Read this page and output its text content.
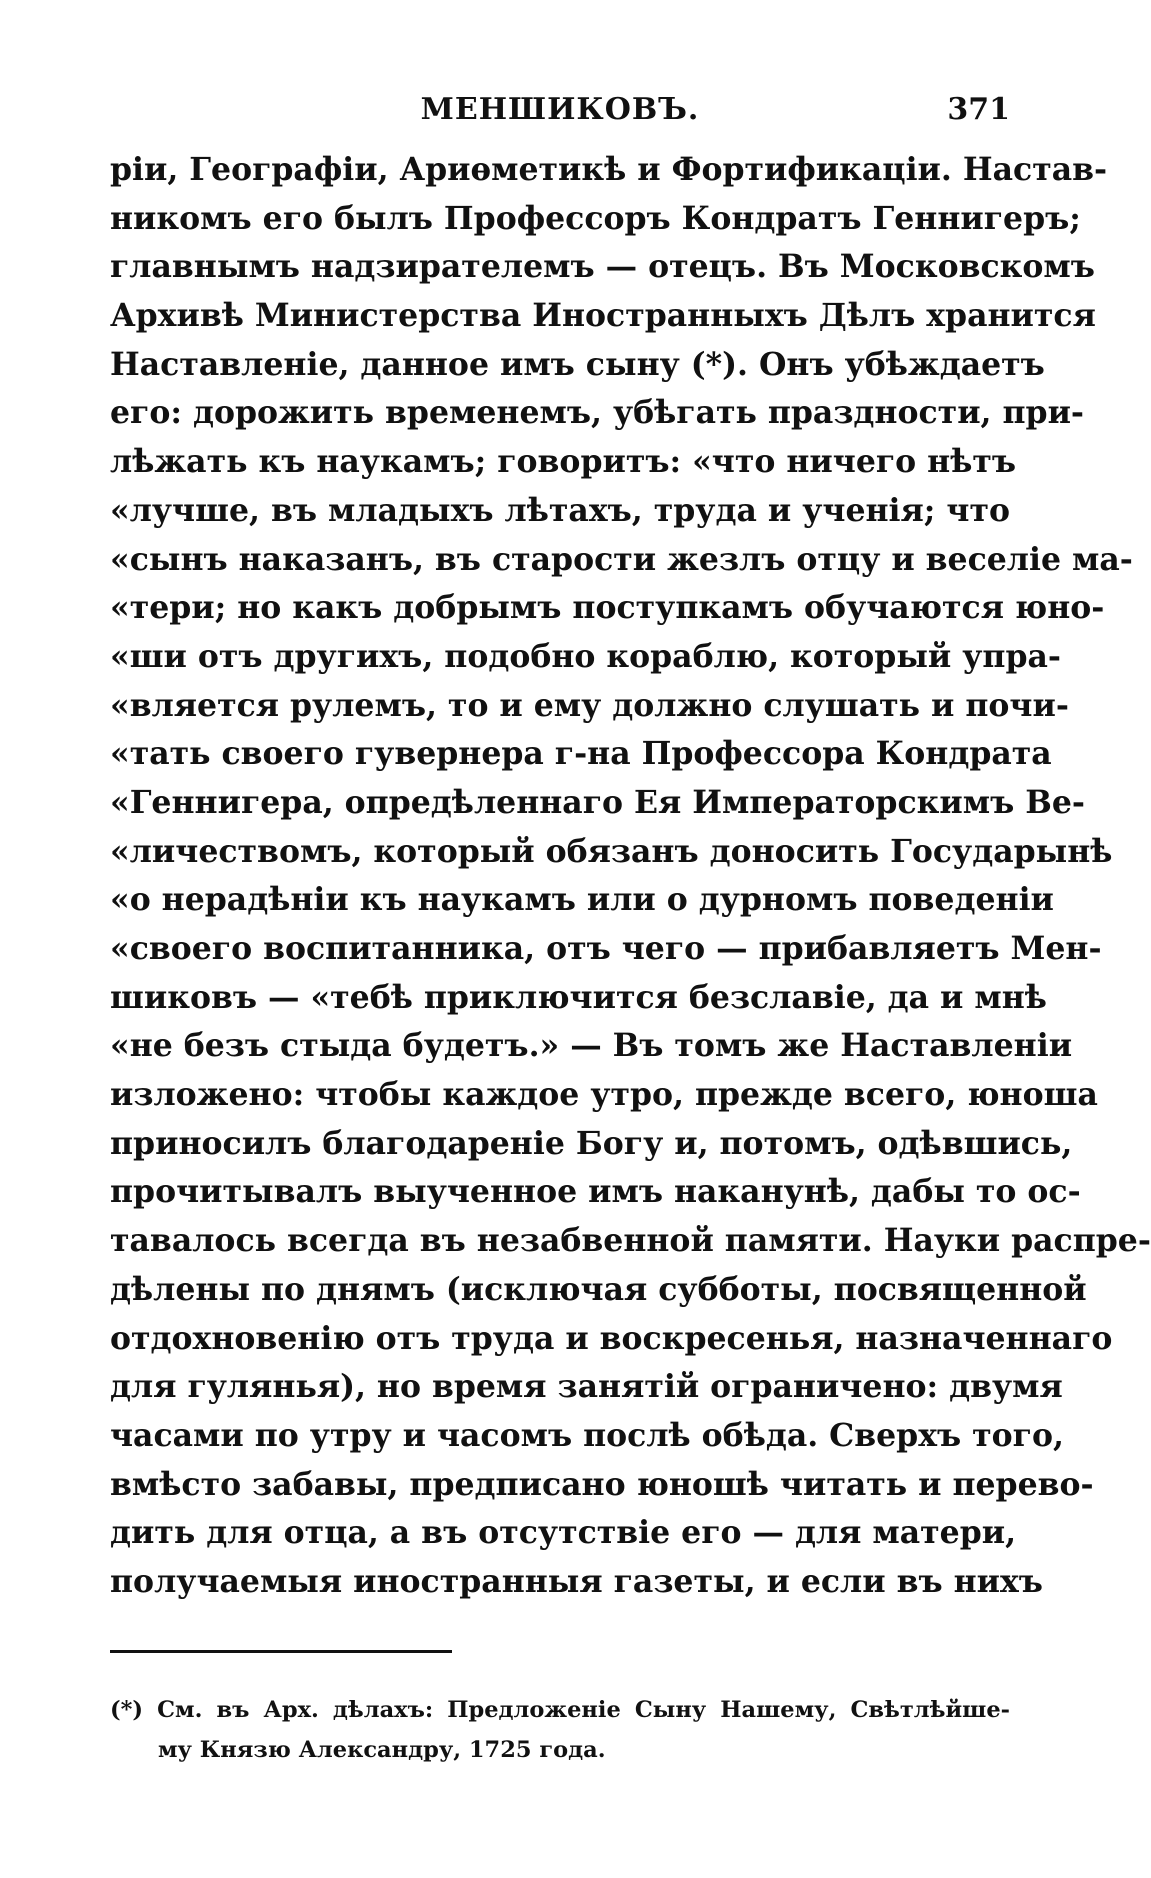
МЕНШИКОВЪ.	371
ріи, Географіи, Ариѳметикѣ и Фортификаціи. Настав-
никомъ его былъ Профессоръ Кондратъ Геннигеръ;
главнымъ надзирателемъ — отецъ. Въ Московскомъ
Архивѣ Министерства Иностранныхъ Дѣлъ хранится
Наставленіе, данное имъ сыну (*). Онъ убѣждаетъ
его: дорожить временемъ, убѣгать праздности, при-
лѣжать къ наукамъ; говоритъ: «что ничего нѣтъ
«лучше, въ младыхъ лѣтахъ, труда и ученія; что
«сынъ наказанъ, въ старости жезлъ отцу и веселіе ма-
«тери; но какъ добрымъ поступкамъ обучаются юно-
«ши отъ другихъ, подобно кораблю, который упра-
«вляется рулемъ, то и ему должно слушать и почи-
«тать своего гувернера г-на Профессора Кондрата
«Геннигера, опредѣленнаго Ея Императорскимъ Ве-
«личествомъ, который обязанъ доносить Государынѣ
«о нерадѣніи къ наукамъ или о дурномъ поведеніи
«своего воспитанника, отъ чего — прибавляетъ Мен-
шиковъ — «тебѣ приключится безславіе, да и мнѣ
«не безъ стыда будетъ.» — Въ томъ же Наставленіи
изложено: чтобы каждое утро, прежде всего, юноша
приносилъ благодареніе Богу и, потомъ, одѣвшись,
прочитывалъ выученное имъ наканунѣ, дабы то ос-
тавалось всегда въ незабвенной памяти. Науки распре-
дѣлены по днямъ (исключая субботы, посвященной
отдохновенію отъ труда и воскресенья, назначеннаго
для гулянья), но время занятій ограничено: двумя
часами по утру и часомъ послѣ обѣда. Сверхъ того,
вмѣсто забавы, предписано юношѣ читать и перево-
дить для отца, а въ отсутствіе его — для матери,
получаемыя иностранныя газеты, и если въ нихъ
(*) См. въ Арх. дѣлахъ: Предложеніе Сыну Нашему, Свѣтлѣйше-
му Князю Александру, 1725 года.
